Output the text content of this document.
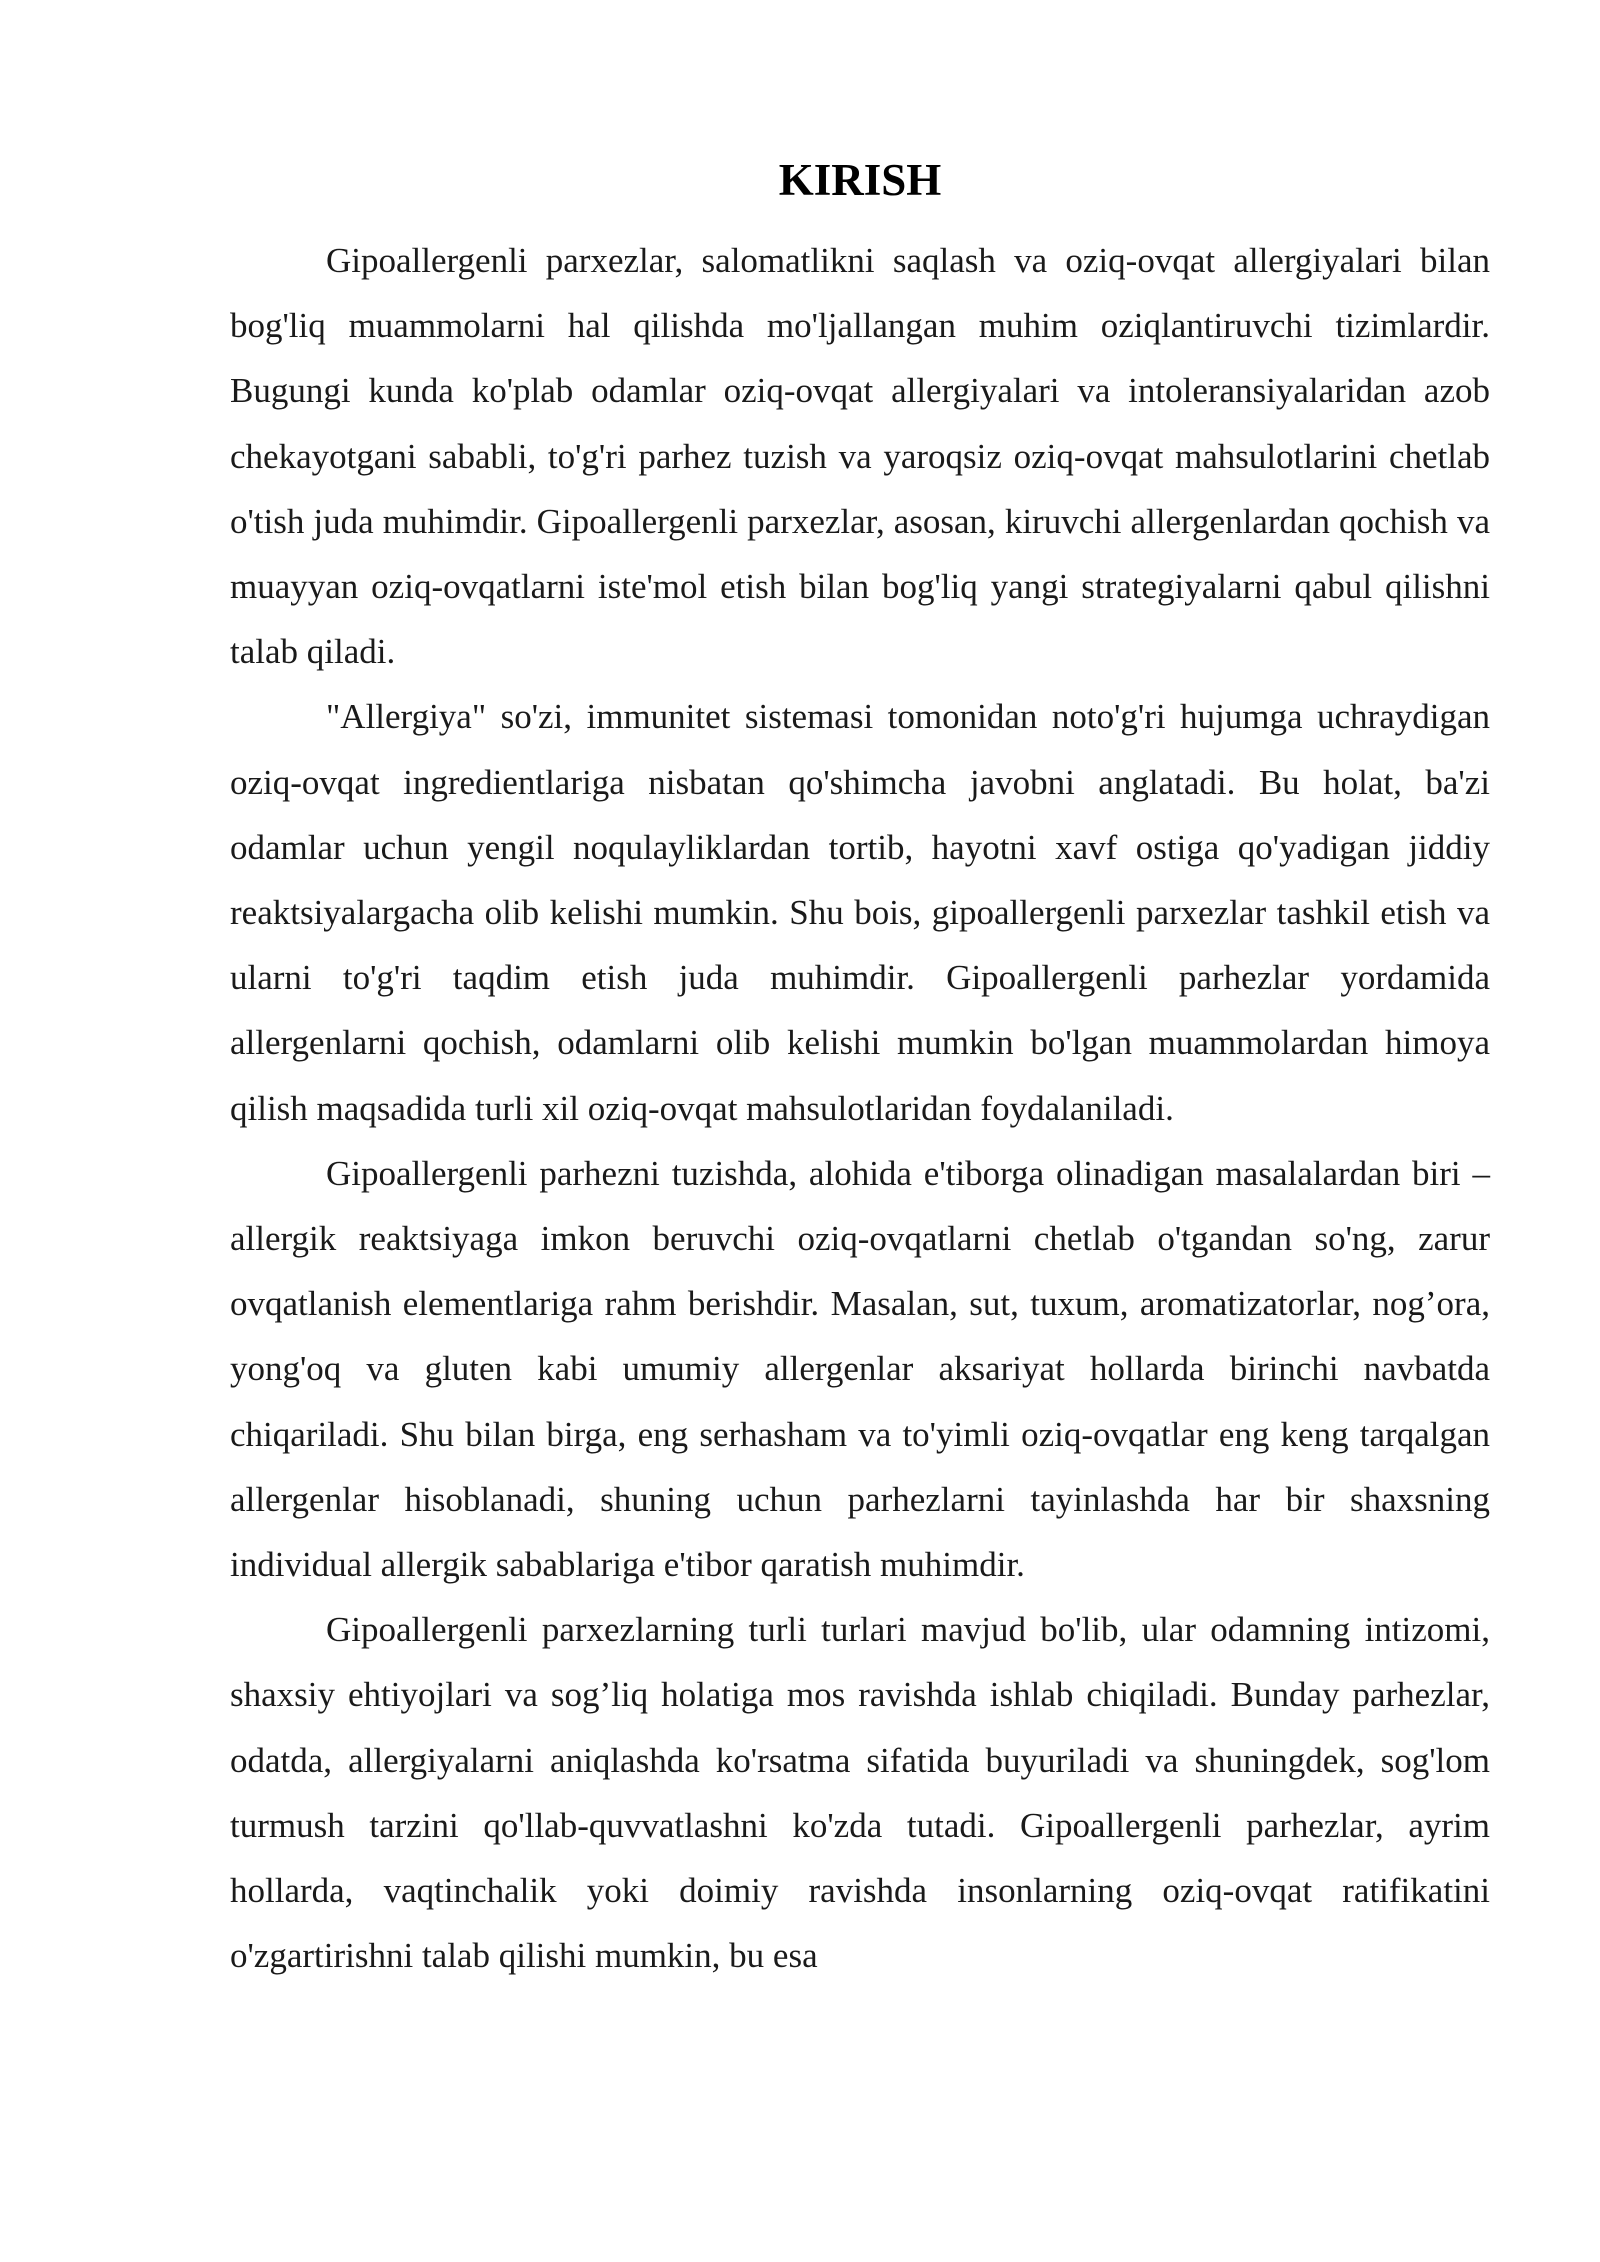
KIRISH

Gipoallergenli parxezlar, salomatlikni saqlash va oziq-ovqat allergiyalari bilan bog'liq muammolarni hal qilishda mo'ljallangan muhim oziqlantiruvchi tizimlardir. Bugungi kunda ko'plab odamlar oziq-ovqat allergiyalari va intoleransiyalaridan azob chekayotgani sababli, to'g'ri parhez tuzish va yaroqsiz oziq-ovqat mahsulotlarini chetlab o'tish juda muhimdir. Gipoallergenli parxezlar, asosan, kiruvchi allergenlardan qochish va muayyan oziq-ovqatlarni iste'mol etish bilan bog'liq yangi strategiyalarni qabul qilishni talab qiladi.

"Allergiya" so'zi, immunitet sistemasi tomonidan noto'g'ri hujumga uchraydigan oziq-ovqat ingredientlariga nisbatan qo'shimcha javobni anglatadi. Bu holat, ba'zi odamlar uchun yengil noqulayliklardan tortib, hayotni xavf ostiga qo'yadigan jiddiy reaktsiyalargacha olib kelishi mumkin. Shu bois, gipoallergenli parxezlar tashkil etish va ularni to'g'ri taqdim etish juda muhimdir. Gipoallergenli parhezlar yordamida allergenlarni qochish, odamlarni olib kelishi mumkin bo'lgan muammolardan himoya qilish maqsadida turli xil oziq-ovqat mahsulotlaridan foydalaniladi.

Gipoallergenli parhezni tuzishda, alohida e'tiborga olinadigan masalalardan biri – allergik reaktsiyaga imkon beruvchi oziq-ovqatlarni chetlab o'tgandan so'ng, zarur ovqatlanish elementlariga rahm berishdir. Masalan, sut, tuxum, aromatizatorlar, nog’ora, yong'oq va gluten kabi umumiy allergenlar aksariyat hollarda birinchi navbatda chiqariladi. Shu bilan birga, eng serhasham va to'yimli oziq-ovqatlar eng keng tarqalgan allergenlar hisoblanadi, shuning uchun parhezlarni tayinlashda har bir shaxsning individual allergik sabablariga e'tibor qaratish muhimdir.

Gipoallergenli parxezlarning turli turlari mavjud bo'lib, ular odamning intizomi, shaxsiy ehtiyojlari va sog’liq holatiga mos ravishda ishlab chiqiladi. Bunday parhezlar, odatda, allergiyalarni aniqlashda ko'rsatma sifatida buyuriladi va shuningdek, sog'lom turmush tarzini qo'llab-quvvatlashni ko'zda tutadi. Gipoallergenli parhezlar, ayrim hollarda, vaqtinchalik yoki doimiy ravishda insonlarning oziq-ovqat ratifikatini o'zgartirishni talab qilishi mumkin, bu esa
